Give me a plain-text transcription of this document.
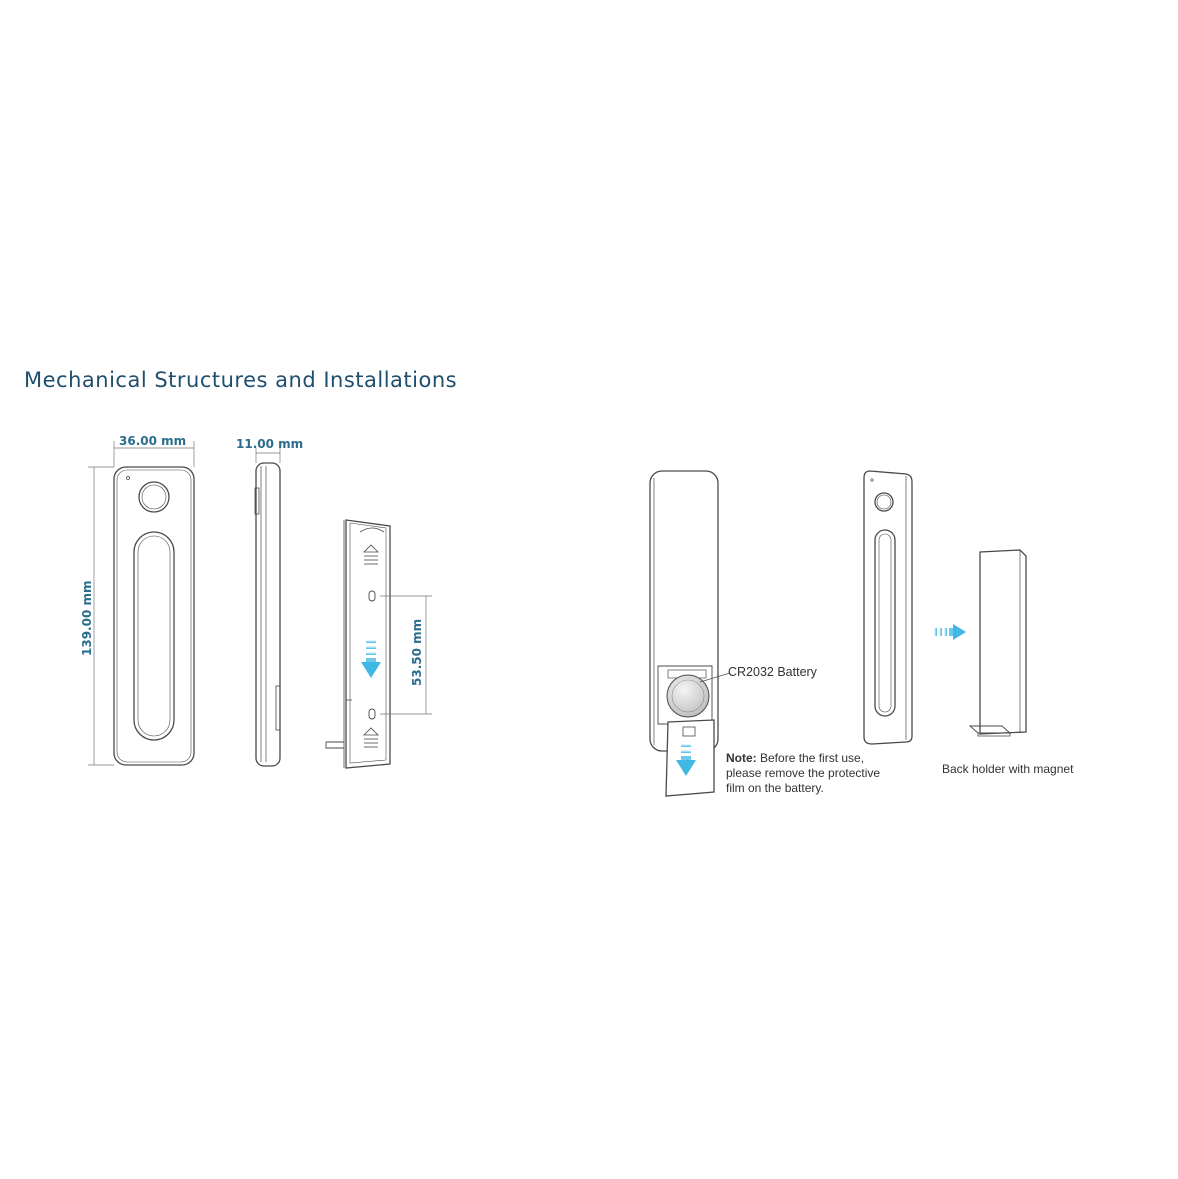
Mechanical Structures and Installations
36.00 mm	11.00 mm
139.00 mm	53.50 mm	CR2032 Battery
Note: Before the first use,
please remove the protective
film on the battery.
Back holder with magnet
